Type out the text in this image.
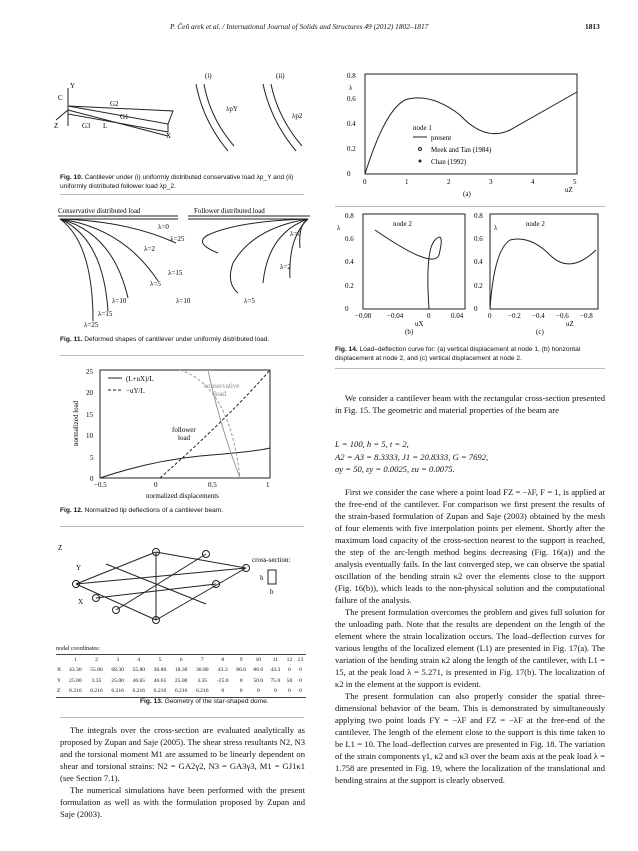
P. Čeň arek et al. / International Journal of Solids and Structures 49 (2012) 1802–1817	1813
(i)	(ii)
C
Y
Z
G2
G3
G1
L
X
λpY
λp2
Fig. 10. Cantilever under (i) uniformly distributed conservative load λp_Y and (ii) uniformly distributed follower load λp_2.
Conservative distributed load	Follower distributed load
λ=0
λ=2
λ=5
λ=10
λ=15
λ=25
λ=0
λ=25
λ=2
λ=15
λ=10	λ=5
Fig. 11. Deformed shapes of cantilever under uniformly distributed load.
0
5
10
15
20
25
−0.5	0	0.5	1
normalized displacements
normalized load
(L+uX)/L
−uY/L
conservative
load
follower
load
Fig. 12. Normalized tip deflections of a cantilever beam.
Z
Y
X
cross-section:
b
h
nodal coordinates:
	1	2	3	4	5	6	7	8	9	10	11	12	13
X	43.30	55.80	68.30	55.80	30.80	18.30	30.80	43.3	86.6	86.6	43.3	0	0
Y	25.00	3.35	25.00	46.65	46.65	25.00	3.35	-25.0	0	50.0	75.0	50	0
Z	8.216	6.216	6.216	6.216	6.216	6.216	6.216	0	0	0	0	0	0
Fig. 13. Geometry of the star-shaped dome.

The integrals over the cross-section are evaluated analytically as proposed by Zupan and Saje (2005). The shear stress resultants N2, N3 and the torsional moment M1 are assumed to be linearly dependent on shear and torsional strains: N2 = GA2γ2, N3 = GA3γ3, M1 = GJ1κ1 (see Section 7.1).

The numerical simulations have been performed with the present formulation as well as with the formulation proposed by Zupan and Saje (2003).

0
0.2
0.4
0.6
0.8
0	1	2	3	4	5
λ
uZ
(a)
node 1
present
Meek and Tan (1984)
Chan (1992)
0
0.2
0.4
0.6
0.8
−0.08 −0.04	0	0.04
λ
uX
(b)
node 2
0
0.2
0.4
0.6
0.8
0 −0.2 −0.4 −0.6 −0.8
λ
uZ
(c)
node 2
Fig. 14. Load–deflection curve for: (a) vertical displacement at node 1, (b) horizontal displacement at node 2, and (c) vertical displacement at node 2.

We consider a cantilever beam with the rectangular cross-section presented in Fig. 15. The geometric and material properties of the beam are

L = 100, h = 5, t = 2,
A2 = A3 = 8.3333, J1 = 20.8333, G = 7692,
σy = 50, εy = 0.0025, εu = 0.0075.

First we consider the case where a point load FZ = −λF, F = 1, is applied at the free-end of the cantilever. For comparison we first present the results of the strain-based formulation of Zupan and Saje (2003) obtained by the mesh of four elements with five interpolation points per element. Shortly after the maximum load capacity of the cross-section nearest to the support is reached, the step of the arc-length method begins decreasing (Fig. 16(a)) and the analysis eventually fails. In the last converged step, we can observe the spatial oscillation of the bending strain κ2 over the elements close to the support (Fig. 16(b)), which leads to the non-physical solution and the computational failure of the analysis.

The present formulation overcomes the problem and gives full solution for the unloading path. Note that the results are dependent on the length of the element where the strain localization occurs. The load–deflection curves for various lengths of the localized element (L1) are presented in Fig. 17(a). The variation of the bending strain κ2 along the length of the cantilever, with L1 = 15, at the peak load λ = 5.271, is presented in Fig. 17(b). The localization of κ2 in the element at the support is evident.

The present formulation can also properly consider the spatial three-dimensional behavior of the beam. This is demonstrated by simultaneously applying two point loads FY = −λF and FZ = −λF at the free-end of the cantilever. The length of the element close to the support is this time taken to be L1 = 10. The load–deflection curves are presented in Fig. 18. The variation of the strain components γ1, κ2 and κ3 over the beam axis at the peak load λ = 1.758 are presented in Fig. 19, where the localization of the translational and bending strains at the support is clearly observed.
